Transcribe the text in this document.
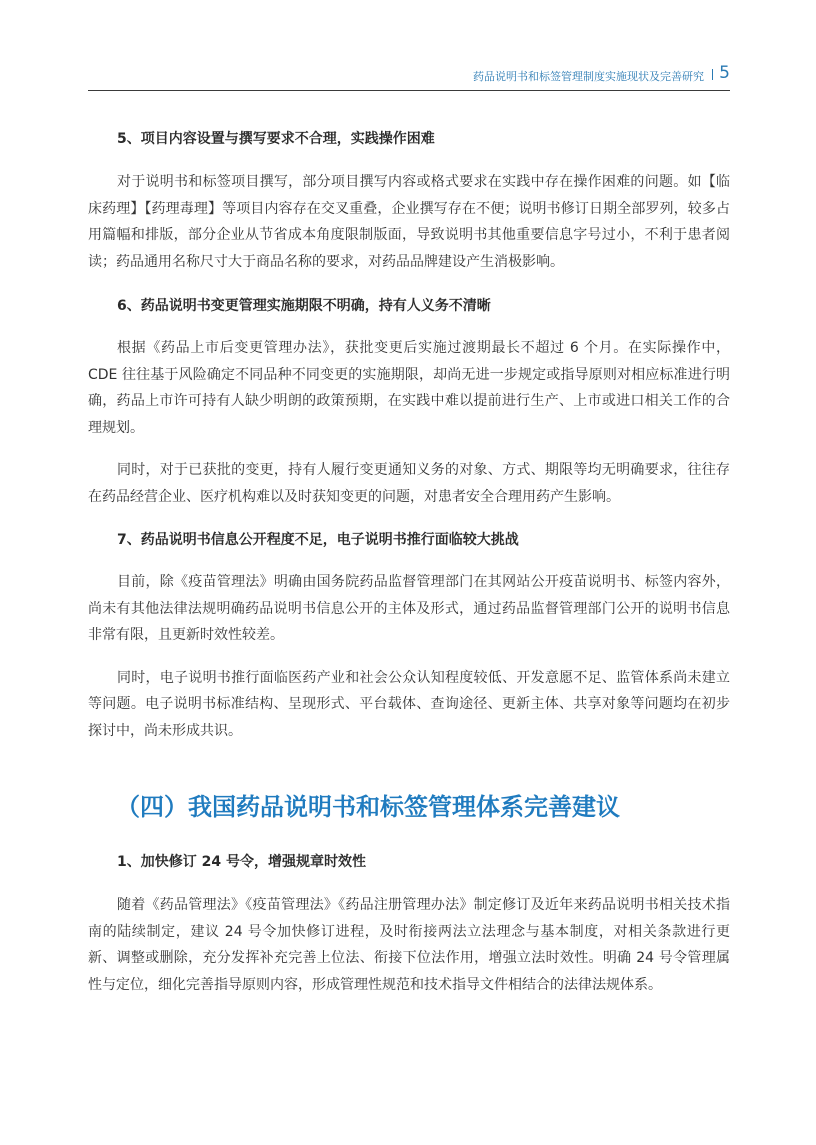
药品说明书和标签管理制度实施现状及完善研究 5

5、项目内容设置与撰写要求不合理，实践操作困难

对于说明书和标签项目撰写，部分项目撰写内容或格式要求在实践中存在操作困难的问题。如【临床药理】【药理毒理】等项目内容存在交叉重叠，企业撰写存在不便；说明书修订日期全部罗列，较多占用篇幅和排版，部分企业从节省成本角度限制版面，导致说明书其他重要信息字号过小，不利于患者阅读；药品通用名称尺寸大于商品名称的要求，对药品品牌建设产生消极影响。

6、药品说明书变更管理实施期限不明确，持有人义务不清晰

根据《药品上市后变更管理办法》，获批变更后实施过渡期最长不超过 6 个月。在实际操作中，CDE 往往基于风险确定不同品种不同变更的实施期限，却尚无进一步规定或指导原则对相应标准进行明确，药品上市许可持有人缺少明朗的政策预期，在实践中难以提前进行生产、上市或进口相关工作的合理规划。

同时，对于已获批的变更，持有人履行变更通知义务的对象、方式、期限等均无明确要求，往往存在药品经营企业、医疗机构难以及时获知变更的问题，对患者安全合理用药产生影响。

7、药品说明书信息公开程度不足，电子说明书推行面临较大挑战

目前，除《疫苗管理法》明确由国务院药品监督管理部门在其网站公开疫苗说明书、标签内容外，尚未有其他法律法规明确药品说明书信息公开的主体及形式，通过药品监督管理部门公开的说明书信息非常有限，且更新时效性较差。

同时，电子说明书推行面临医药产业和社会公众认知程度较低、开发意愿不足、监管体系尚未建立等问题。电子说明书标准结构、呈现形式、平台载体、查询途径、更新主体、共享对象等问题均在初步探讨中，尚未形成共识。

（四）我国药品说明书和标签管理体系完善建议

1、加快修订 24 号令，增强规章时效性

随着《药品管理法》《疫苗管理法》《药品注册管理办法》制定修订及近年来药品说明书相关技术指南的陆续制定，建议 24 号令加快修订进程，及时衔接两法立法理念与基本制度，对相关条款进行更新、调整或删除，充分发挥补充完善上位法、衔接下位法作用，增强立法时效性。明确 24 号令管理属性与定位，细化完善指导原则内容，形成管理性规范和技术指导文件相结合的法律法规体系。
